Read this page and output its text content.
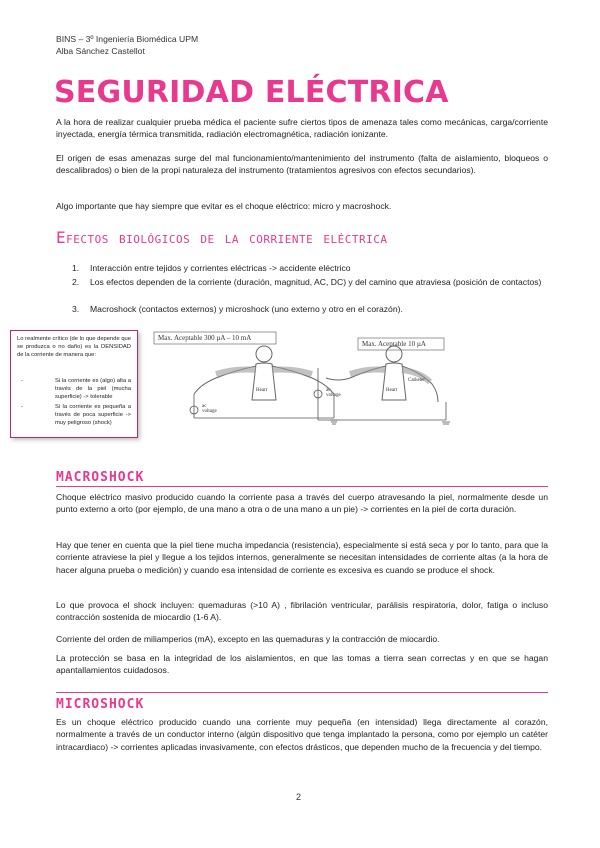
BINS – 3º Ingeniería Biomédica UPM
Alba Sánchez Castellot
SEGURIDAD ELÉCTRICA
A la hora de realizar cualquier prueba médica el paciente sufre ciertos tipos de amenaza tales como mecánicas, carga/corriente inyectada, energía térmica transmitida, radiación electromagnética, radiación ionizante.
El origen de esas amenazas surge del mal funcionamiento/mantenimiento del instrumento (falta de aislamiento, bloqueos o descalibrados) o bien de la propi naturaleza del instrumento (tratamientos agresivos con efectos secundarios).
Algo importante que hay siempre que evitar es el choque eléctrico: micro y macroshock.
Efectos biológicos de la corriente eléctrica
1. Interacción entre tejidos y corrientes eléctricas -> accidente eléctrico
2. Los efectos dependen de la corriente (duración, magnitud, AC, DC) y del camino que atraviesa (posición de contactos)
3. Macroshock (contactos externos) y microshock (uno externo y otro en el corazón).
Lo realmente crítico (de lo que depende que se produzca o no daño) es la DENSIDAD de la corriente de manera que:
-	Si la corriente es (algo) alta a través de la piel (mucha superficie) -> tolerable
-	Si la corriente es pequeña a través de poca superficie -> muy peligroso (shock)
Max. Aceptable 300 µA – 10 mA
Max. Aceptable 10 µA
Heart	Heart
Catheter
ac
voltage
ac
voltage
MACROSHOCK
Choque eléctrico masivo producido cuando la corriente pasa a través del cuerpo atravesando la piel, normalmente desde un punto externo a orto (por ejemplo, de una mano a otra o de una mano a un pie) -> corrientes en la piel de corta duración.
Hay que tener en cuenta que la piel tiene mucha impedancia (resistencia), especialmente si está seca y por lo tanto, para que la corriente atraviese la piel y llegue a los tejidos internos, generalmente se necesitan intensidades de corriente altas (a la hora de hacer alguna prueba o medición) y cuando esa intensidad de corriente es excesiva es cuando se produce el shock.
Lo que provoca el shock incluyen: quemaduras (>10 A) , fibrilación ventricular, parálisis respiratoria, dolor, fatiga o incluso contracción sostenida de miocardio (1-6 A).
Corriente del orden de miliamperios (mA), excepto en las quemaduras y la contracción de miocardio.
La protección se basa en la integridad de los aislamientos, en que las tomas a tierra sean correctas y en que se hagan apantallamientos cuidadosos.
MICROSHOCK
Es un choque eléctrico producido cuando una corriente muy pequeña (en intensidad) llega directamente al corazón, normalmente a través de un conductor interno (algún dispositivo que tenga implantado la persona, como por ejemplo un catéter intracardiaco) -> corrientes aplicadas invasivamente, con efectos drásticos, que dependen mucho de la frecuencia y del tiempo.
2
